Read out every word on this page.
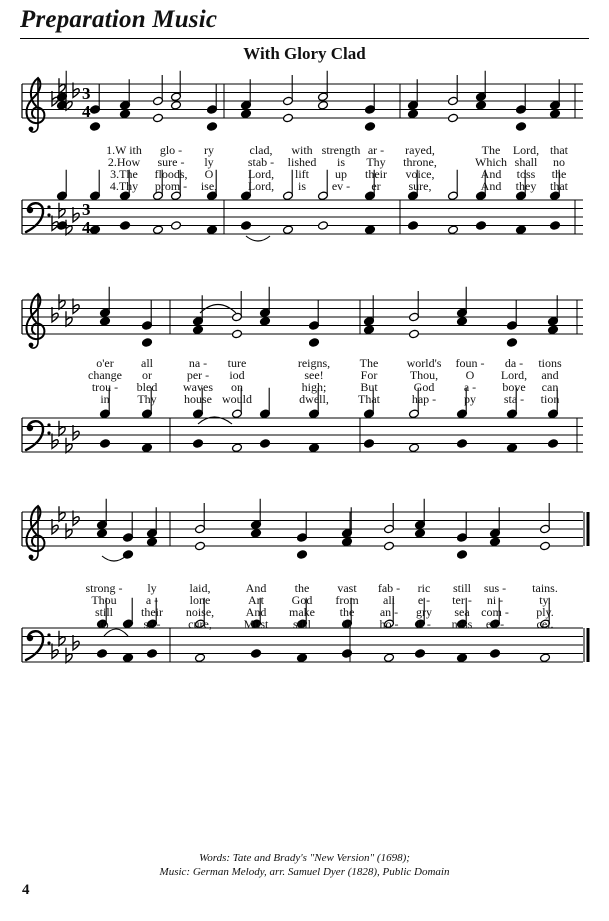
Preparation Music
With Glory Clad
3
4
3
4
1.W ith glo - ry	clad, with strength ar - rayed,	The Lord, that
2.How sure - ly	stab - lished is Thy throne,	Which shall no
3.The floods, O	Lord, lift up their voice,	And toss the
4.Thy prom - ise,	Lord, is ev - er sure,	And they that
o'er all	na - ture	reigns, The world's foun - da - tions
change or	per - iod	see!	For	Thou, O Lord, and
trou - bled waves on	high;	But	God a - bove can
in Thy house would	dwell, That	hap - py sta - tion
strong - ly	laid,	And the vast fab - ric still sus - tains.
Thou a -	lone	Art God from all e - ter - ni -	ty.
still their noise,	And make the an - gry sea com - ply.
to	se - cure,	Must still	in ho - li - ness ex -	cel.
Words: Tate and Brady's "New Version" (1698);
Music: German Melody, arr. Samuel Dyer (1828), Public Domain
4
